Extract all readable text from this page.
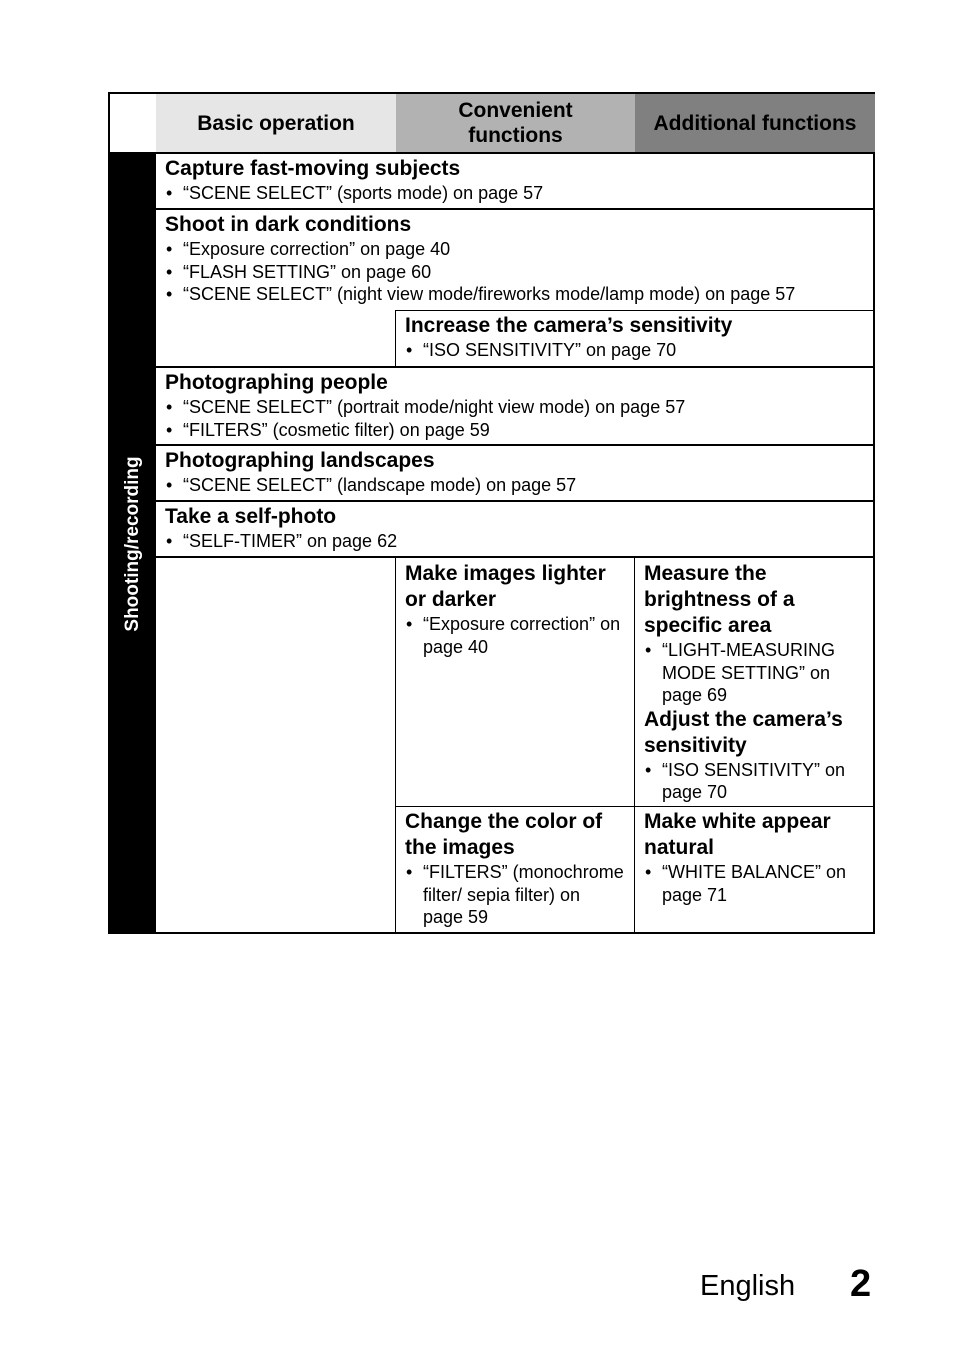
Basic operation
Convenient functions
Additional functions
Shooting/recording
Capture fast-moving subjects
• “SCENE SELECT” (sports mode) on page 57
Shoot in dark conditions
• “Exposure correction” on page 40
• “FLASH SETTING” on page 60
• “SCENE SELECT” (night view mode/fireworks mode/lamp mode) on page 57
Increase the camera’s sensitivity
• “ISO SENSITIVITY” on page 70
Photographing people
• “SCENE SELECT” (portrait mode/night view mode) on page 57
• “FILTERS” (cosmetic filter) on page 59
Photographing landscapes
• “SCENE SELECT” (landscape mode) on page 57
Take a self-photo
• “SELF-TIMER” on page 62
Make images lighter or darker
• “Exposure correction” on page 40
Measure the brightness of a specific area
• “LIGHT-MEASURING MODE SETTING” on page 69
Adjust the camera’s sensitivity
• “ISO SENSITIVITY” on page 70
Change the color of the images
• “FILTERS” (monochrome filter/ sepia filter) on page 59
Make white appear natural
• “WHITE BALANCE” on page 71
English 2
